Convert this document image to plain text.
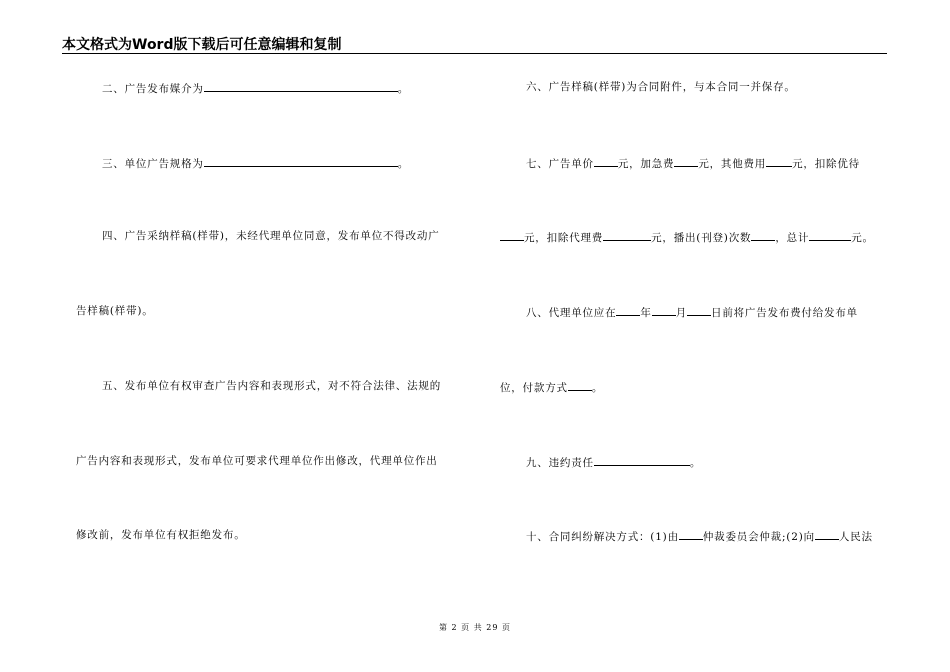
本文格式为Word版下载后可任意编辑和复制
二、广告发布媒介为	。
三、单位广告规格为	。
四、广告采纳样稿(样带)，未经代理单位同意，发布单位不得改动广
告样稿(样带)。
五、发布单位有权审查广告内容和表现形式，对不符合法律、法规的
广告内容和表现形式，发布单位可要求代理单位作出修改，代理单位作出
修改前，发布单位有权拒绝发布。
六、广告样稿(样带)为合同附件，与本合同一并保存。
七、广告单价 元，加急费 元，其他费用 元，扣除优待
元，扣除代理费	元，播出(刊登)次数 ，总计	元。
八、代理单位应在 年 月 日前将广告发布费付给发布单
位，付款方式 。
九、违约责任	。
十、合同纠纷解决方式：(1)由 仲裁委员会仲裁;(2)向 人民法
第 2 页 共 29 页
